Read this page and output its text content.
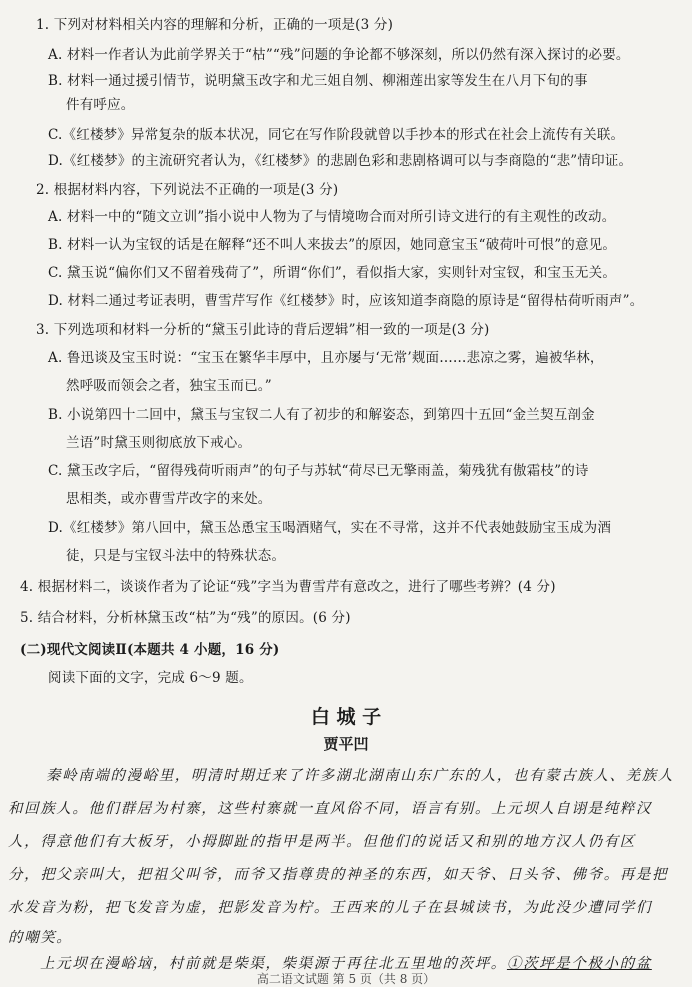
1. 下列对材料相关内容的理解和分析，正确的一项是(3 分)
A. 材料一作者认为此前学界关于“枯”“残”问题的争论都不够深刻，所以仍然有深入探讨的必要。
B. 材料一通过援引情节，说明黛玉改字和尤三姐自刎、柳湘莲出家等发生在八月下旬的事
件有呼应。
C.《红楼梦》异常复杂的版本状况，同它在写作阶段就曾以手抄本的形式在社会上流传有关联。
D.《红楼梦》的主流研究者认为，《红楼梦》的悲剧色彩和悲剧格调可以与李商隐的“悲”情印证。
2. 根据材料内容，下列说法不正确的一项是(3 分)
A. 材料一中的“随文立训”指小说中人物为了与情境吻合而对所引诗文进行的有主观性的改动。
B. 材料一认为宝钗的话是在解释“还不叫人来拔去”的原因，她同意宝玉“破荷叶可恨”的意见。
C. 黛玉说“偏你们又不留着残荷了”，所谓“你们”，看似指大家，实则针对宝钗，和宝玉无关。
D. 材料二通过考证表明，曹雪芹写作《红楼梦》时，应该知道李商隐的原诗是“留得枯荷听雨声”。
3. 下列选项和材料一分析的“黛玉引此诗的背后逻辑”相一致的一项是(3 分)
A. 鲁迅谈及宝玉时说：“宝玉在繁华丰厚中，且亦屡与‘无常’觌面……悲凉之雾，遍被华林，
然呼吸而领会之者，独宝玉而已。”
B. 小说第四十二回中，黛玉与宝钗二人有了初步的和解姿态，到第四十五回“金兰契互剖金
兰语”时黛玉则彻底放下戒心。
C. 黛玉改字后，“留得残荷听雨声”的句子与苏轼“荷尽已无擎雨盖，菊残犹有傲霜枝”的诗
思相类，或亦曹雪芹改字的来处。
D.《红楼梦》第八回中，黛玉怂恿宝玉喝酒赌气，实在不寻常，这并不代表她鼓励宝玉成为酒
徒，只是与宝钗斗法中的特殊状态。
4. 根据材料二，谈谈作者为了论证“残”字当为曹雪芹有意改之，进行了哪些考辨？(4 分)
5. 结合材料，分析林黛玉改“枯”为“残”的原因。(6 分)
(二)现代文阅读Ⅱ(本题共 4 小题，16 分)
阅读下面的文字，完成 6～9 题。
白 城 子
贾平凹
秦岭南端的漫峪里，明清时期迁来了许多湖北湖南山东广东的人，也有蒙古族人、羌族人
和回族人。他们群居为村寨，这些村寨就一直风俗不同，语言有别。上元坝人自诩是纯粹汉
人，得意他们有大板牙，小拇脚趾的指甲是两半。但他们的说话又和别的地方汉人仍有区
分，把父亲叫大，把祖父叫爷，而爷又指尊贵的神圣的东西，如天爷、日头爷、佛爷。再是把
水发音为粉，把飞发音为虚，把影发音为柠。王西来的儿子在县城读书，为此没少遭同学们
的嘲笑。
上元坝在漫峪垴，村前就是柴渠，柴渠源于再往北五里地的茨坪。①茨坪是个极小的盆
高二语文试题 第 5 页（共 8 页）
